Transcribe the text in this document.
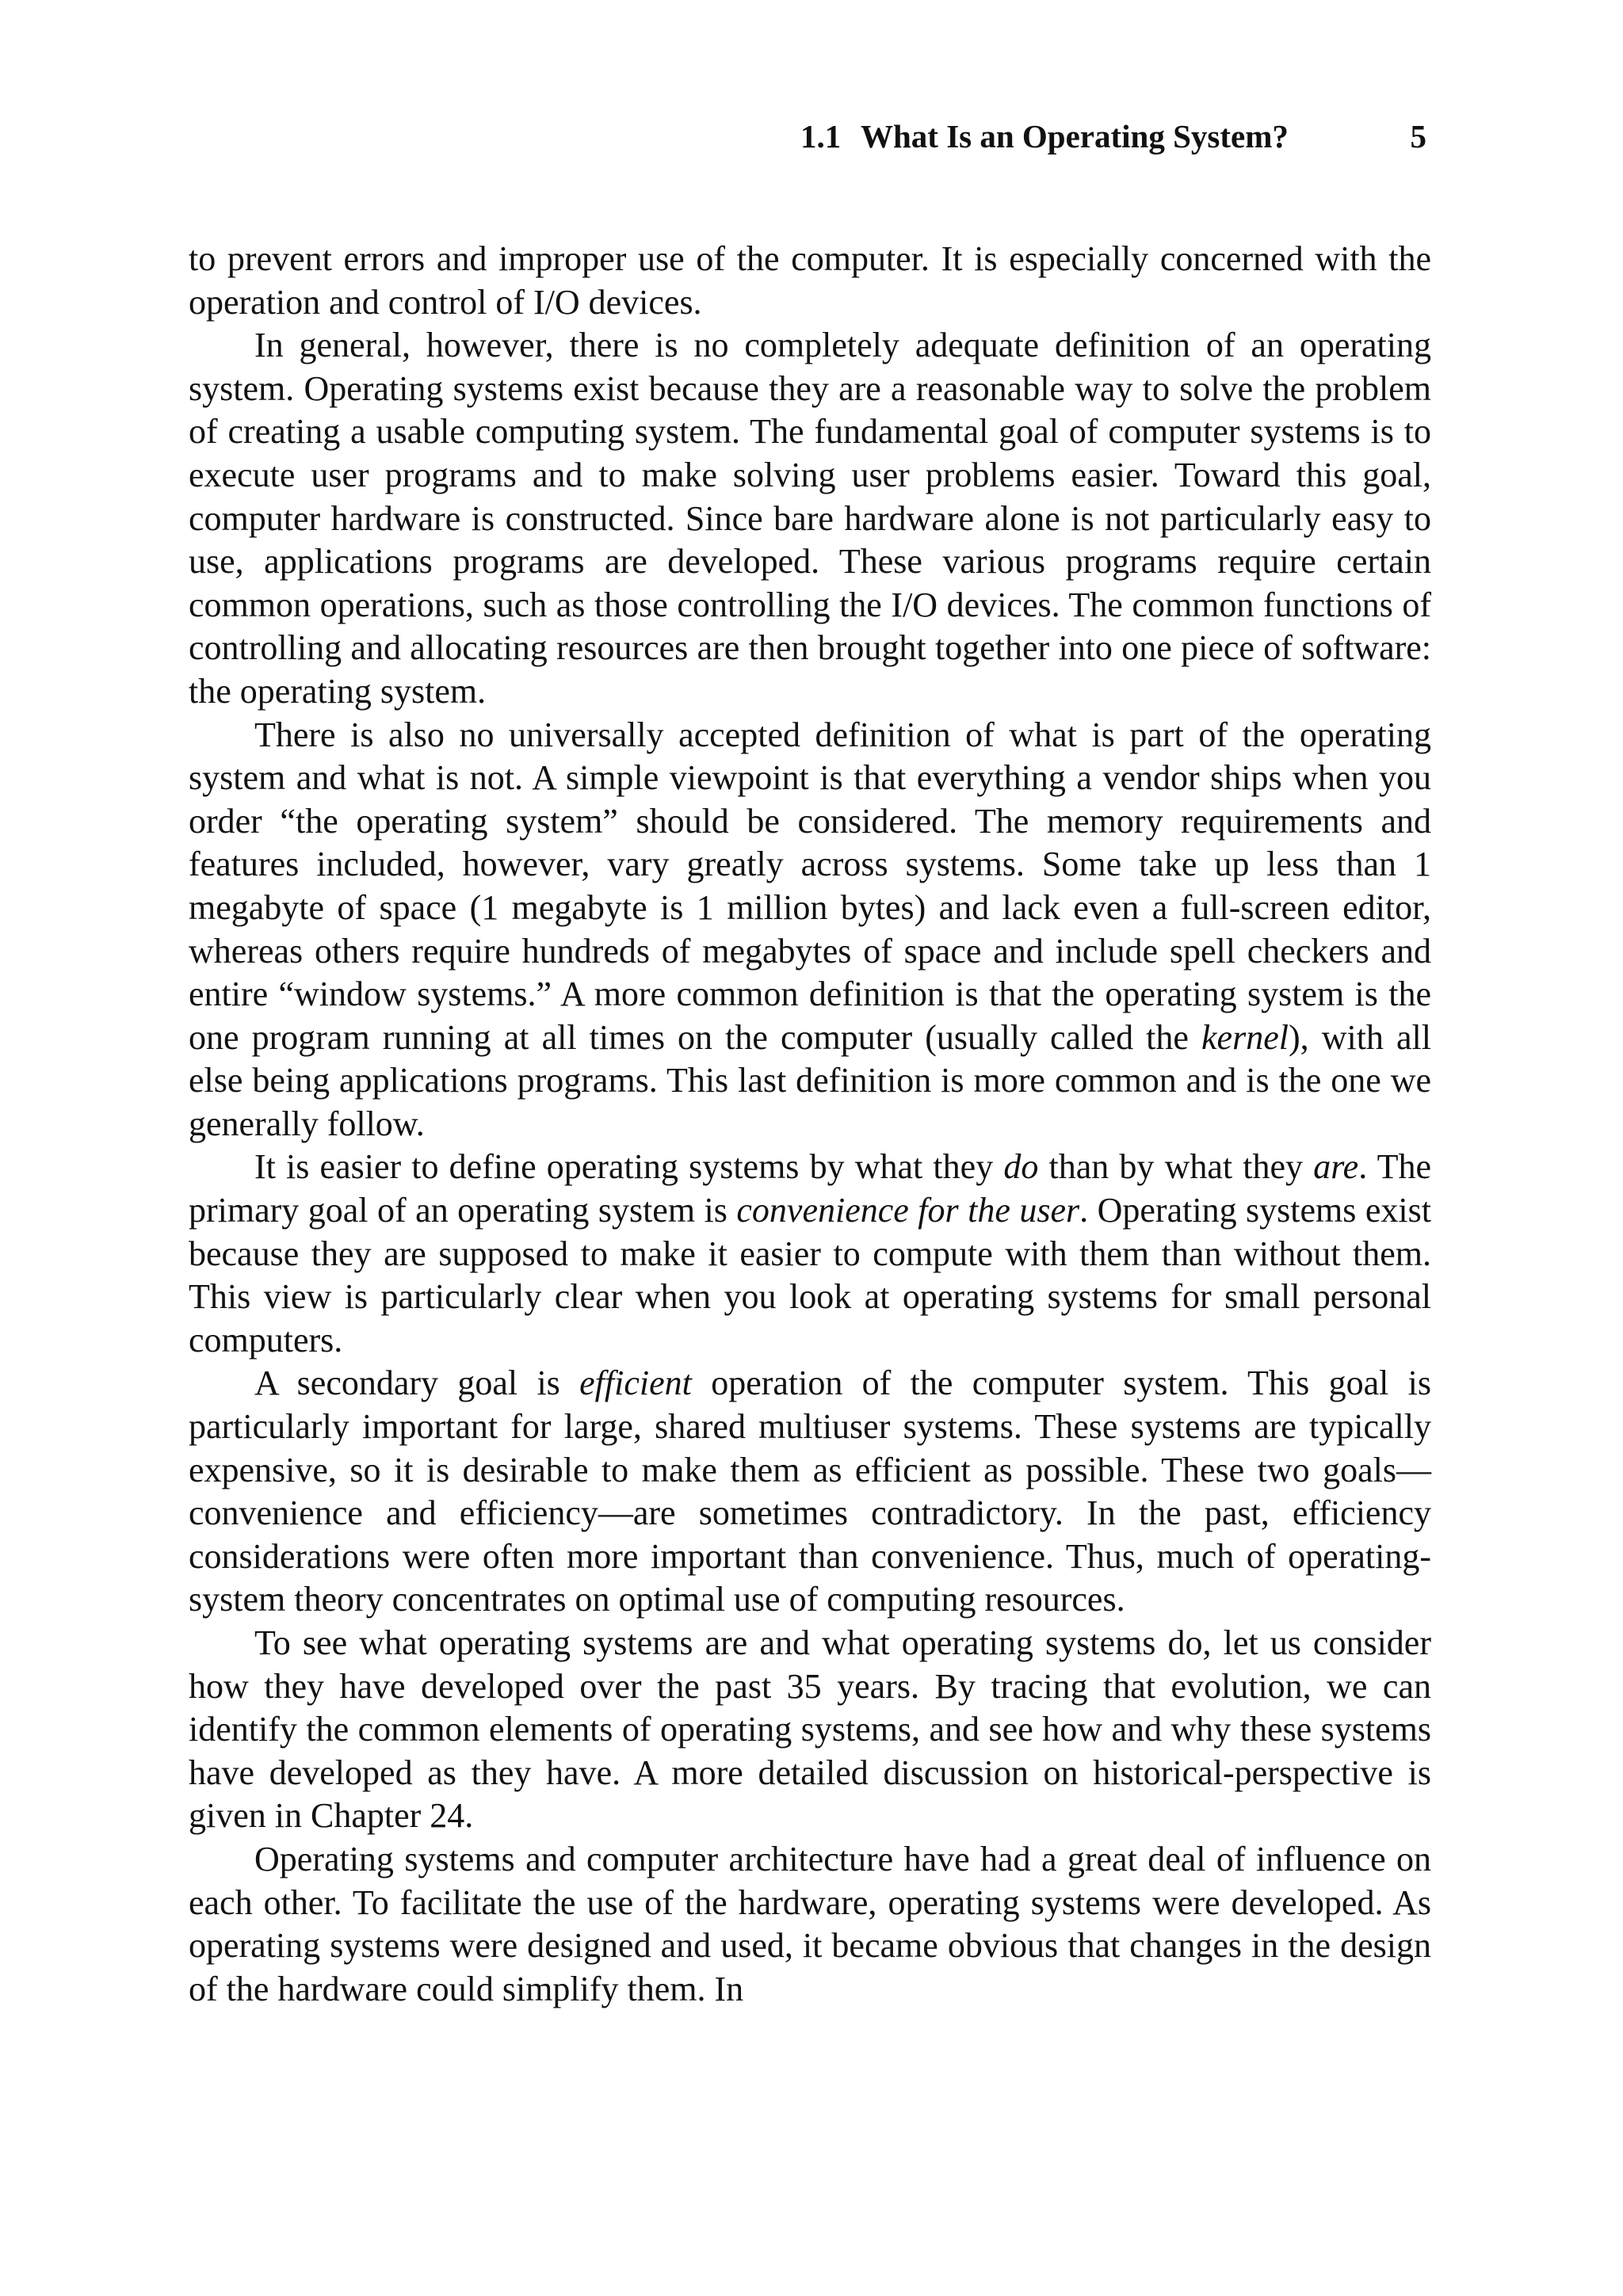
1.1 What Is an Operating System?	5

to prevent errors and improper use of the computer. It is especially concerned with the operation and control of I/O devices.

In general, however, there is no completely adequate definition of an operating system. Operating systems exist because they are a reasonable way to solve the problem of creating a usable computing system. The fundamental goal of computer systems is to execute user programs and to make solving user problems easier. Toward this goal, computer hardware is constructed. Since bare hardware alone is not particularly easy to use, applications programs are developed. These various programs require certain common operations, such as those controlling the I/O devices. The common functions of controlling and allocating resources are then brought together into one piece of software: the operating system.

There is also no universally accepted definition of what is part of the operating system and what is not. A simple viewpoint is that everything a vendor ships when you order “the operating system” should be considered. The memory requirements and features included, however, vary greatly across systems. Some take up less than 1 megabyte of space (1 megabyte is 1 million bytes) and lack even a full-screen editor, whereas others require hundreds of megabytes of space and include spell checkers and entire “window systems.” A more common definition is that the operating system is the one program running at all times on the computer (usually called the kernel), with all else being applications programs. This last definition is more common and is the one we generally follow.

It is easier to define operating systems by what they do than by what they are. The primary goal of an operating system is convenience for the user. Operating systems exist because they are supposed to make it easier to compute with them than without them. This view is particularly clear when you look at operating systems for small personal computers.

A secondary goal is efficient operation of the computer system. This goal is particularly important for large, shared multiuser systems. These systems are typically expensive, so it is desirable to make them as efficient as possible. These two goals—convenience and efficiency—are sometimes contradictory. In the past, efficiency considerations were often more important than convenience. Thus, much of operating-system theory concentrates on optimal use of computing resources.

To see what operating systems are and what operating systems do, let us consider how they have developed over the past 35 years. By tracing that evolution, we can identify the common elements of operating systems, and see how and why these systems have developed as they have. A more detailed discussion on historical-perspective is given in Chapter 24.

Operating systems and computer architecture have had a great deal of influence on each other. To facilitate the use of the hardware, operating systems were developed. As operating systems were designed and used, it became obvious that changes in the design of the hardware could simplify them. In
